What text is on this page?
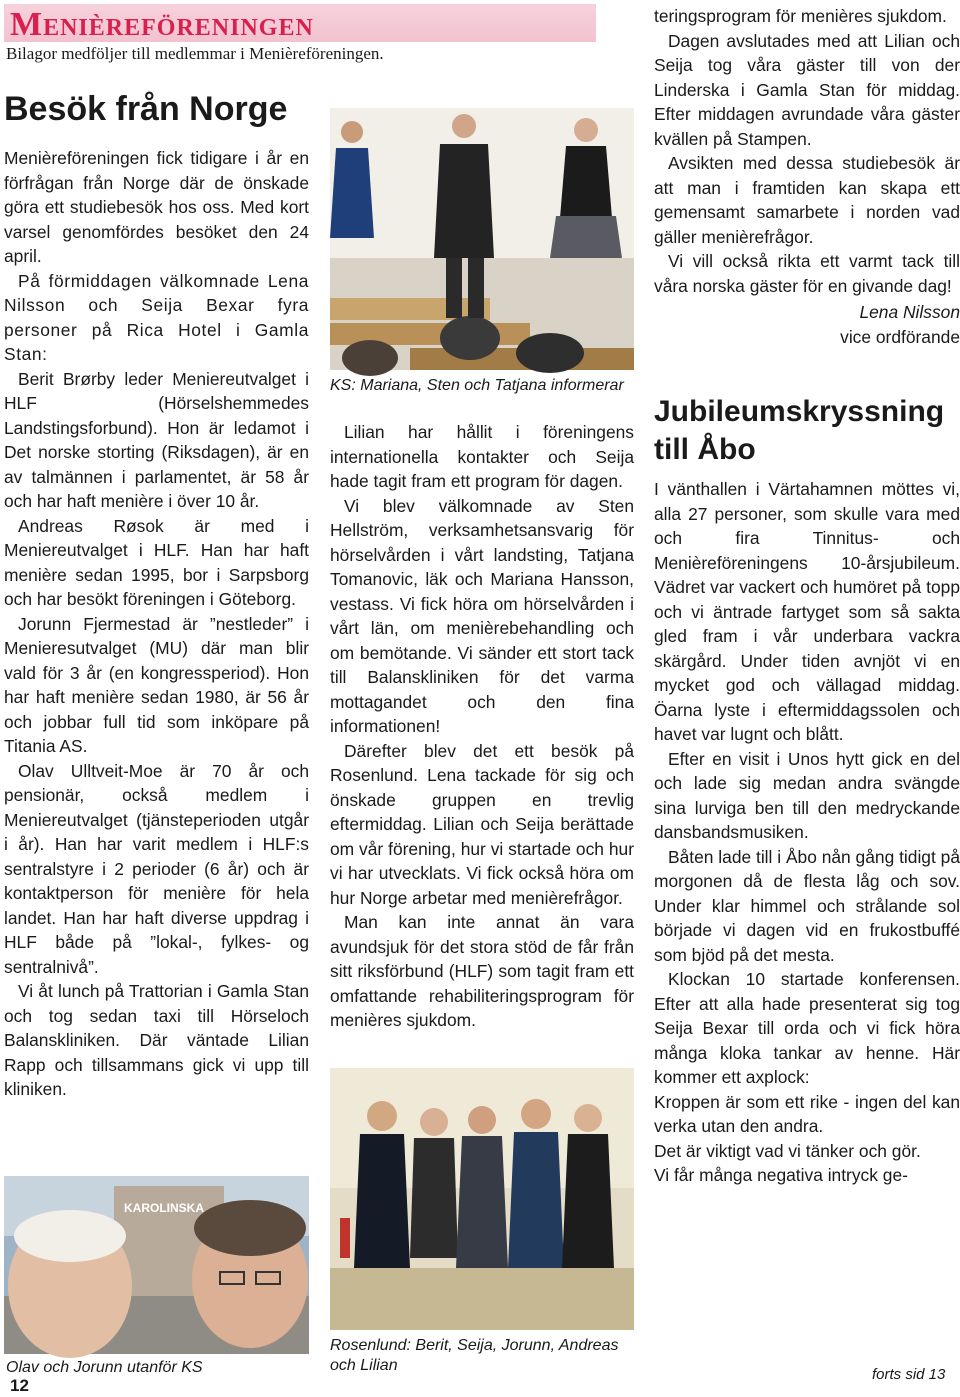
Menièreföreningen
Bilagor medföljer till medlemmar i Menièreföreningen.
Besök från Norge

Menièreföreningen fick tidigare i år en förfrågan från Norge där de önskade göra ett studiebesök hos oss. Med kort varsel genomfördes besöket den 24 april.

På förmiddagen välkomnade Lena Nilsson och Seija Bexar fyra personer på Rica Hotel i Gamla Stan:

Berit Brørby leder Meniereutvalget i HLF (Hörselshemmedes Landstingsforbund). Hon är ledamot i Det norske storting (Riksdagen), är en av talmännen i parlamentet, är 58 år och har haft menière i över 10 år.

Andreas Røsok är med i Meniereutvalget i HLF. Han har haft menière sedan 1995, bor i Sarpsborg och har besökt föreningen i Göteborg.

Jorunn Fjermestad är ”nestleder” i Menieresutvalget (MU) där man blir vald för 3 år (en kongressperiod). Hon har haft menière sedan 1980, är 56 år och jobbar full tid som inköpare på Titania AS.

Olav Ulltveit-Moe är 70 år och pensionär, också medlem i Meniereutvalget (tjänsteperioden utgår i år). Han har varit medlem i HLF:s sentralstyre i 2 perioder (6 år) och är kontaktperson för menière för hela landet. Han har haft diverse uppdrag i HLF både på ”lokal-, fylkes- og sentralnivå”.

Vi åt lunch på Trattorian i Gamla Stan och tog sedan taxi till Hörseloch Balanskliniken. Där väntade Lilian Rapp och tillsammans gick vi upp till kliniken.

KS: Mariana, Sten och Tatjana informerar

Lilian har hållit i föreningens internationella kontakter och Seija hade tagit fram ett program för dagen.

Vi blev välkomnade av Sten Hellström, verksamhetsansvarig för hörselvården i vårt landsting, Tatjana Tomanovic, läk och Mariana Hansson, vestass. Vi fick höra om hörselvården i vårt län, om menièrebehandling och om bemötande. Vi sänder ett stort tack till Balanskliniken för det varma mottagandet och den fina informationen!

Därefter blev det ett besök på Rosenlund. Lena tackade för sig och önskade gruppen en trevlig eftermiddag. Lilian och Seija berättade om vår förening, hur vi startade och hur vi har utvecklats. Vi fick också höra om hur Norge arbetar med menièrefrågor.

Man kan inte annat än vara avundsjuk för det stora stöd de får från sitt riksförbund (HLF) som tagit fram ett omfattande rehabiliteringsprogram för menières sjukdom.

Rosenlund: Berit, Seija, Jorunn, Andreas och Lilian
KAROLINSKA
Olav och Jorunn utanför KS
12

teringsprogram för menières sjukdom.

Dagen avslutades med att Lilian och Seija tog våra gäster till von der Linderska i Gamla Stan för middag. Efter middagen avrundade våra gäster kvällen på Stampen.

Avsikten med dessa studiebesök är att man i framtiden kan skapa ett gemensamt samarbete i norden vad gäller menièrefrågor.

Vi vill också rikta ett varmt tack till våra norska gäster för en givande dag!

Lena Nilsson
vice ordförande
Jubileumskryssning till Åbo

I vänthallen i Värtahamnen möttes vi, alla 27 personer, som skulle vara med och fira Tinnitus- och Menièreföreningens 10-årsjubileum. Vädret var vackert och humöret på topp och vi äntrade fartyget som så sakta gled fram i vår underbara vackra skärgård. Under tiden avnjöt vi en mycket god och vällagad middag. Öarna lyste i eftermiddagssolen och havet var lugnt och blått.

Efter en visit i Unos hytt gick en del och lade sig medan andra svängde sina lurviga ben till den medryckande dansbandsmusiken.

Båten lade till i Åbo nån gång tidigt på morgonen då de flesta låg och sov. Under klar himmel och strålande sol började vi dagen vid en frukostbuffé som bjöd på det mesta.

Klockan 10 startade konferensen. Efter att alla hade presenterat sig tog Seija Bexar till orda och vi fick höra många kloka tankar av henne. Här kommer ett axplock:

Kroppen är som ett rike - ingen del kan verka utan den andra.

Det är viktigt vad vi tänker och gör.

Vi får många negativa intryck ge-

forts sid 13
